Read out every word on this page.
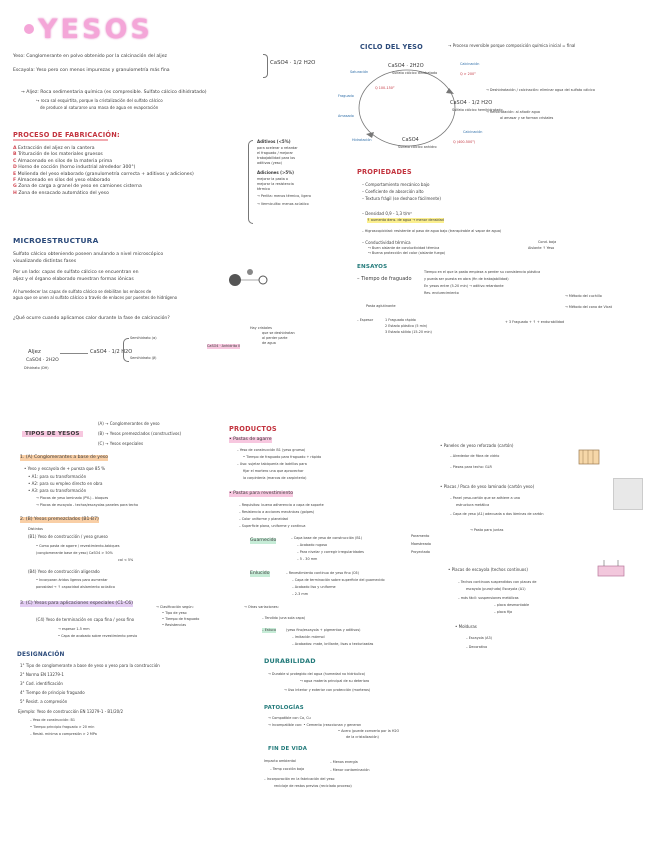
YESOS
Yeso: Conglomerante en polvo obtenido por la calcinación del aljez
Escayola: Yeso pero con menos impurezas y granulometría más fina
CaSO4 · 1/2 H2O
→ Aljez: Roca sedimentaria química (es compresible. Sulfato cálcico dihidratado)
↪ roca sal esquirtita, porque la cristalización del sulfato cálcico
de produce al saturarse una masa de agua en evaporación
PROCESO DE FABRICACIÓN:
A Extracción del aljez en la cantera
B Trituración de los materiales gruesos
C Almacenado en silos de la materia prima
D Horno de cocción (horno industrial alrededor 300°)
E Molienda del yeso elaborado (granulometría correcta + aditivos y adiciones)
F Almacenado en silos del yeso elaborado
G Zona de carga a granel de yeso en camiones cisterna
H Zona de ensacado automático del yeso
Aditivos (<5%)
para acelerar o retardar
el fraguado / mejorar
trabajabilidad para los
aditivos (yeso)
Adiciones (>5%)
mejorar la pasta o
mejorar la resistencia
térmico
→ Perlita: menos térmico, ligero
→ Vermiculita: menos acústico
MICROESTRUCTURA
Sulfato cálcico obteniendo poseen anulando a nivel microscópico
visualizando distintas fases
Por un lado: capas de sulfato cálcico se encuentran en
aljez y el órgano elaborado muestran formas iónicas
Al humedecer las capas de sulfato cálcico se debilitan los enlaces de
agua que se unen al sulfato cálcico a través de enlaces por puentes de hidrógeno
¿Qué ocurre cuando aplicamos calor durante la fase de calcinación?
Aljez
CaSO4 · 2H2O
Dihidrato (DH)
CaSO4 · 1/2 H2O
Semihidrato (α)
Semihidrato (β)
CaSO4 · Anhidrita II
Hay cristales
que se deshidratan
al perder parte
de agua
CICLO DEL YESO	→ Proceso reversible porque composición química inicial = final
CaSO4 · 2H2O
Sulfato cálcico dihidratado
CaSO4 · 1/2 H2O
Sulfato cálcico hemihidratado
CaSO4
Sulfato cálcico anhidro
Saturación
Calcinación
Fraguado
Amasado
Hidratación
Calcinación
Q 100-150°
Q > 200°
Q (400-500°)
→ Deshidratación / calcinación: eliminar agua del sulfato cálcico
→ Rehidratación: al añadir agua
al amasar y se forman cristales
PROPIEDADES
– Comportamiento mecánico bajo
– Coeficiente de absorción alto
– Textura frágil (se deshace fácilmente)
– Densidad 0,9 - 1,3 t/m³
↑ aumenta dens. de agua → menor densidad
– Higroscopicidad: resistente al paso de agua bajo (transpirable al vapor de agua)
– Conductividad térmica
↪ Buen aislante de conductividad térmica
↪ Buena protección del calor (aislante fuego)
Cond. baja
Aislante ↑ Yeso
ENSAYOS
– Tiempo de fraguado
Tiempo en el que la pasta empieza a perder su consistencia plástica
y pueda ser puesta en obra (fin de trabajabilidad)
En yesos entre (5-20 min) → aditivo retardante
Rev. endurecimiento
Pasta aglutinante
→ Método del cuchillo
→ Método del cono de Vicat
– Espesor	1 Fraguado rápido
2 Estado plástico (5 min)
3 Estado sólido (15-20 min)
+ 3 Fraguado + ↑ + endurabilidad
TIPOS DE YESOS
(A) → Conglomerantes de yeso
(B) → Yesos premezclados (constructivos)
(C) → Yesos especiales
1. (A) Conglomerantes a base de yeso
• Yeso y escayola de + pureza que 85 %
• A1: para su transformación
• A2: para su empleo directo en obra
• A3: para su transformación
→ Placas de yeso laminado (PYL) - bloques
→ Placas de escayola - techos/escayolas paneles para techo
2. (B) Yesos premezclados (B1-B7)
Distintos
(B1) Yeso de construcción / yeso grueso
• Como pasta de agarre / revestimiento-tabiques
(conglomerante base de yeso) CaSO4 > 50%
cal < 5%
(B4) Yeso de construcción aligerado
• Incorporan áridos ligeros para aumentar
porosidad → ↑ capacidad aislamiento acústico
3. (C) Yesos para aplicaciones especiales (C1-C6)
→ Clasificación según:
• Tipo de yeso
• Tiempo de fraguado
• Resistencias
(C4) Yeso de terminación en capa fina / yeso fino
→ espesor 1-5 mm
• Capa de acabado sobre revestimiento previo
DESIGNACIÓN
1° Tipo de conglomerante a base de yeso o yeso para la construcción
2° Norma EN 13279-1
3° Cod. identificación
4° Tiempo de principio fraguado
5° Resist. a compresión
Ejemplo: Yeso de construcción EN 13279-1 - B1/20/2
– Yeso de construcción: B1
• Tiempo principio fraguado > 20 min
– Resist. mínima a compresión > 2 MPa
PRODUCTOS
• Pastas de agarre
– Yeso de construcción B1 (yeso grueso)
• Tiempo de fraguado para fraguado + rápido
– Uso: sujetar tabiquería de ladrillos para
fijar el mortero una que aprovechar
la carpintería (marcos de carpintería)
• Pastas para revestimiento
– Requisitos: buena adherencia a capa de soporte
– Resistencia a acciones mecánicas (golpes)
– Color uniforme y planeidad
– Superficie plana, uniforme y continua
Guarnecido	– Capa base de yeso de construcción (B1)
– Acabado rugoso
– Para nivelar y corregir irregularidades
– 5 - 30 mm
Paramento
Maestreado
Proyectado
Enlucido	– Revestimiento continuo de yeso fino (C6)
– Capa de terminación sobre superficie del guarnecido
– Acabado liso y uniforme
– 2-3 mm
→ Otras variaciones:
– Tendido (una sola capa)
– Estuco	(yeso fino/escayola + pigmentos y aditivos)
– Imitación mármol
– Acabados: mate, brillante, lisas o texturizadas
DURABILIDAD
→ Durable si protegido del agua (humedad no hidráulico)
↪ agua materia principal de su deterioro
→ Uso interior y exterior con protección (morteros)
PATOLOGÍAS
→ Compatible con Ca, Cu
→ Incompatible con: • Cemento (reaccionan y generan
• Acero (puede corroerlo por la H2O
de la cristalización)
FIN DE VIDA
Impacto ambiental
– Temp cocción baja
– Menos energía
– Menor contaminación
– Incorporación en la fabricación del yeso
reciclaje de restos previos (reciclado proceso)
• Paneles de yeso reforzado (cartón)
– Alrededor de fibra de vidrio
– Piezas para techo: GLR
• Placas / Paca de yeso laminado (cartón yeso)
– Panel yeso-cartón que se adhiere a una
estructura metálica
– Capa de yeso (A1) adecuada a dos láminas de cartón
→ Pasta para juntas
• Placas de escayola (techos continuos)
– Techos continuos suspendidos con placas de
escayola (pura/ruda) Escayola (A1)
– más fácil: suspensiones metálicas
– placa desmontable
– placa fija
• Molduras
– Escayola (A3)
– Decorativo
